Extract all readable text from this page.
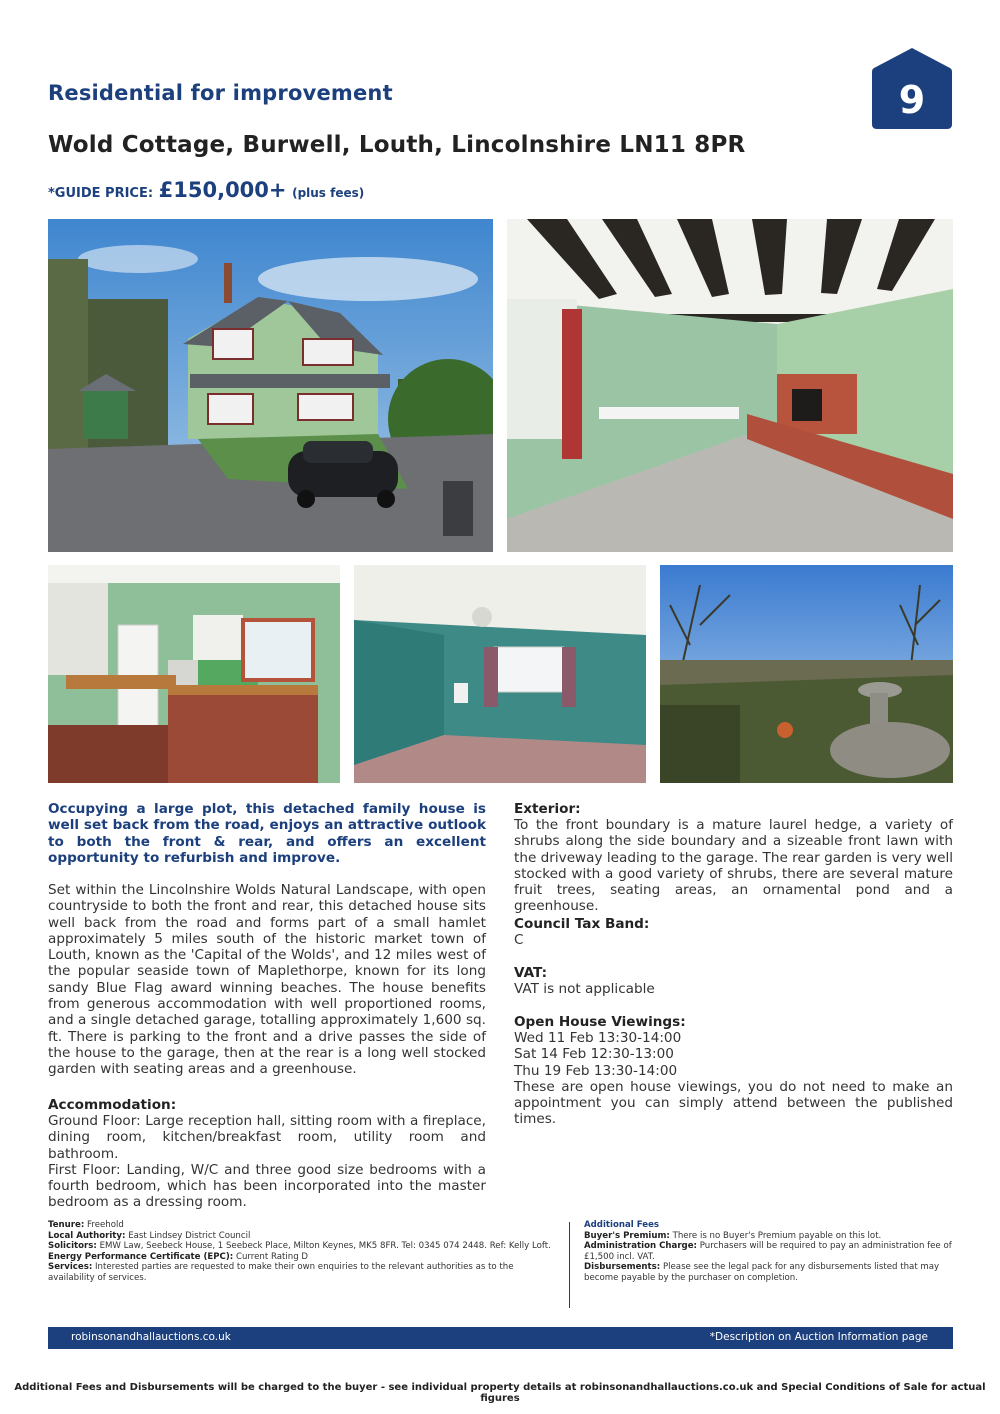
Residential for improvement
Wold Cottage, Burwell, Louth, Lincolnshire LN11 8PR
*GUIDE PRICE: £150,000+ (plus fees)
9
Occupying a large plot, this detached family house is well set back from the road, enjoys an attractive outlook to both the front & rear, and offers an excellent opportunity to refurbish and improve.
Set within the Lincolnshire Wolds Natural Landscape, with open countryside to both the front and rear, this detached house sits well back from the road and forms part of a small hamlet approximately 5 miles south of the historic market town of Louth, known as the 'Capital of the Wolds', and 12 miles west of the popular seaside town of Maplethorpe, known for its long sandy Blue Flag award winning beaches. The house benefits from generous accommodation with well proportioned rooms, and a single detached garage, totalling approximately 1,600 sq. ft. There is parking to the front and a drive passes the side of the house to the garage, then at the rear is a long well stocked garden with seating areas and a greenhouse.
Accommodation:
Ground Floor: Large reception hall, sitting room with a fireplace, dining room, kitchen/breakfast room, utility room and bathroom.
First Floor: Landing, W/C and three good size bedrooms with a fourth bedroom, which has been incorporated into the master bedroom as a dressing room.
Exterior:
To the front boundary is a mature laurel hedge, a variety of shrubs along the side boundary and a sizeable front lawn with the driveway leading to the garage. The rear garden is very well stocked with a good variety of shrubs, there are several mature fruit trees, seating areas, an ornamental pond and a greenhouse.
Council Tax Band:
C
VAT:
VAT is not applicable
Open House Viewings:
Wed 11 Feb 13:30-14:00
Sat 14 Feb 12:30-13:00
Thu 19 Feb 13:30-14:00
These are open house viewings, you do not need to make an appointment you can simply attend between the published times.
Tenure: Freehold
Local Authority: East Lindsey District Council
Solicitors: EMW Law, Seebeck House, 1 Seebeck Place, Milton Keynes, MK5 8FR. Tel: 0345 074 2448. Ref: Kelly Loft.
Energy Performance Certificate (EPC): Current Rating D
Services: Interested parties are requested to make their own enquiries to the relevant authorities as to the availability of services.
Additional Fees
Buyer's Premium: There is no Buyer's Premium payable on this lot.
Administration Charge: Purchasers will be required to pay an administration fee of £1,500 incl. VAT.
Disbursements: Please see the legal pack for any disbursements listed that may become payable by the purchaser on completion.
robinsonandhallauctions.co.uk	*Description on Auction Information page
Additional Fees and Disbursements will be charged to the buyer - see individual property details at robinsonandhallauctions.co.uk and Special Conditions of Sale for actual figures
